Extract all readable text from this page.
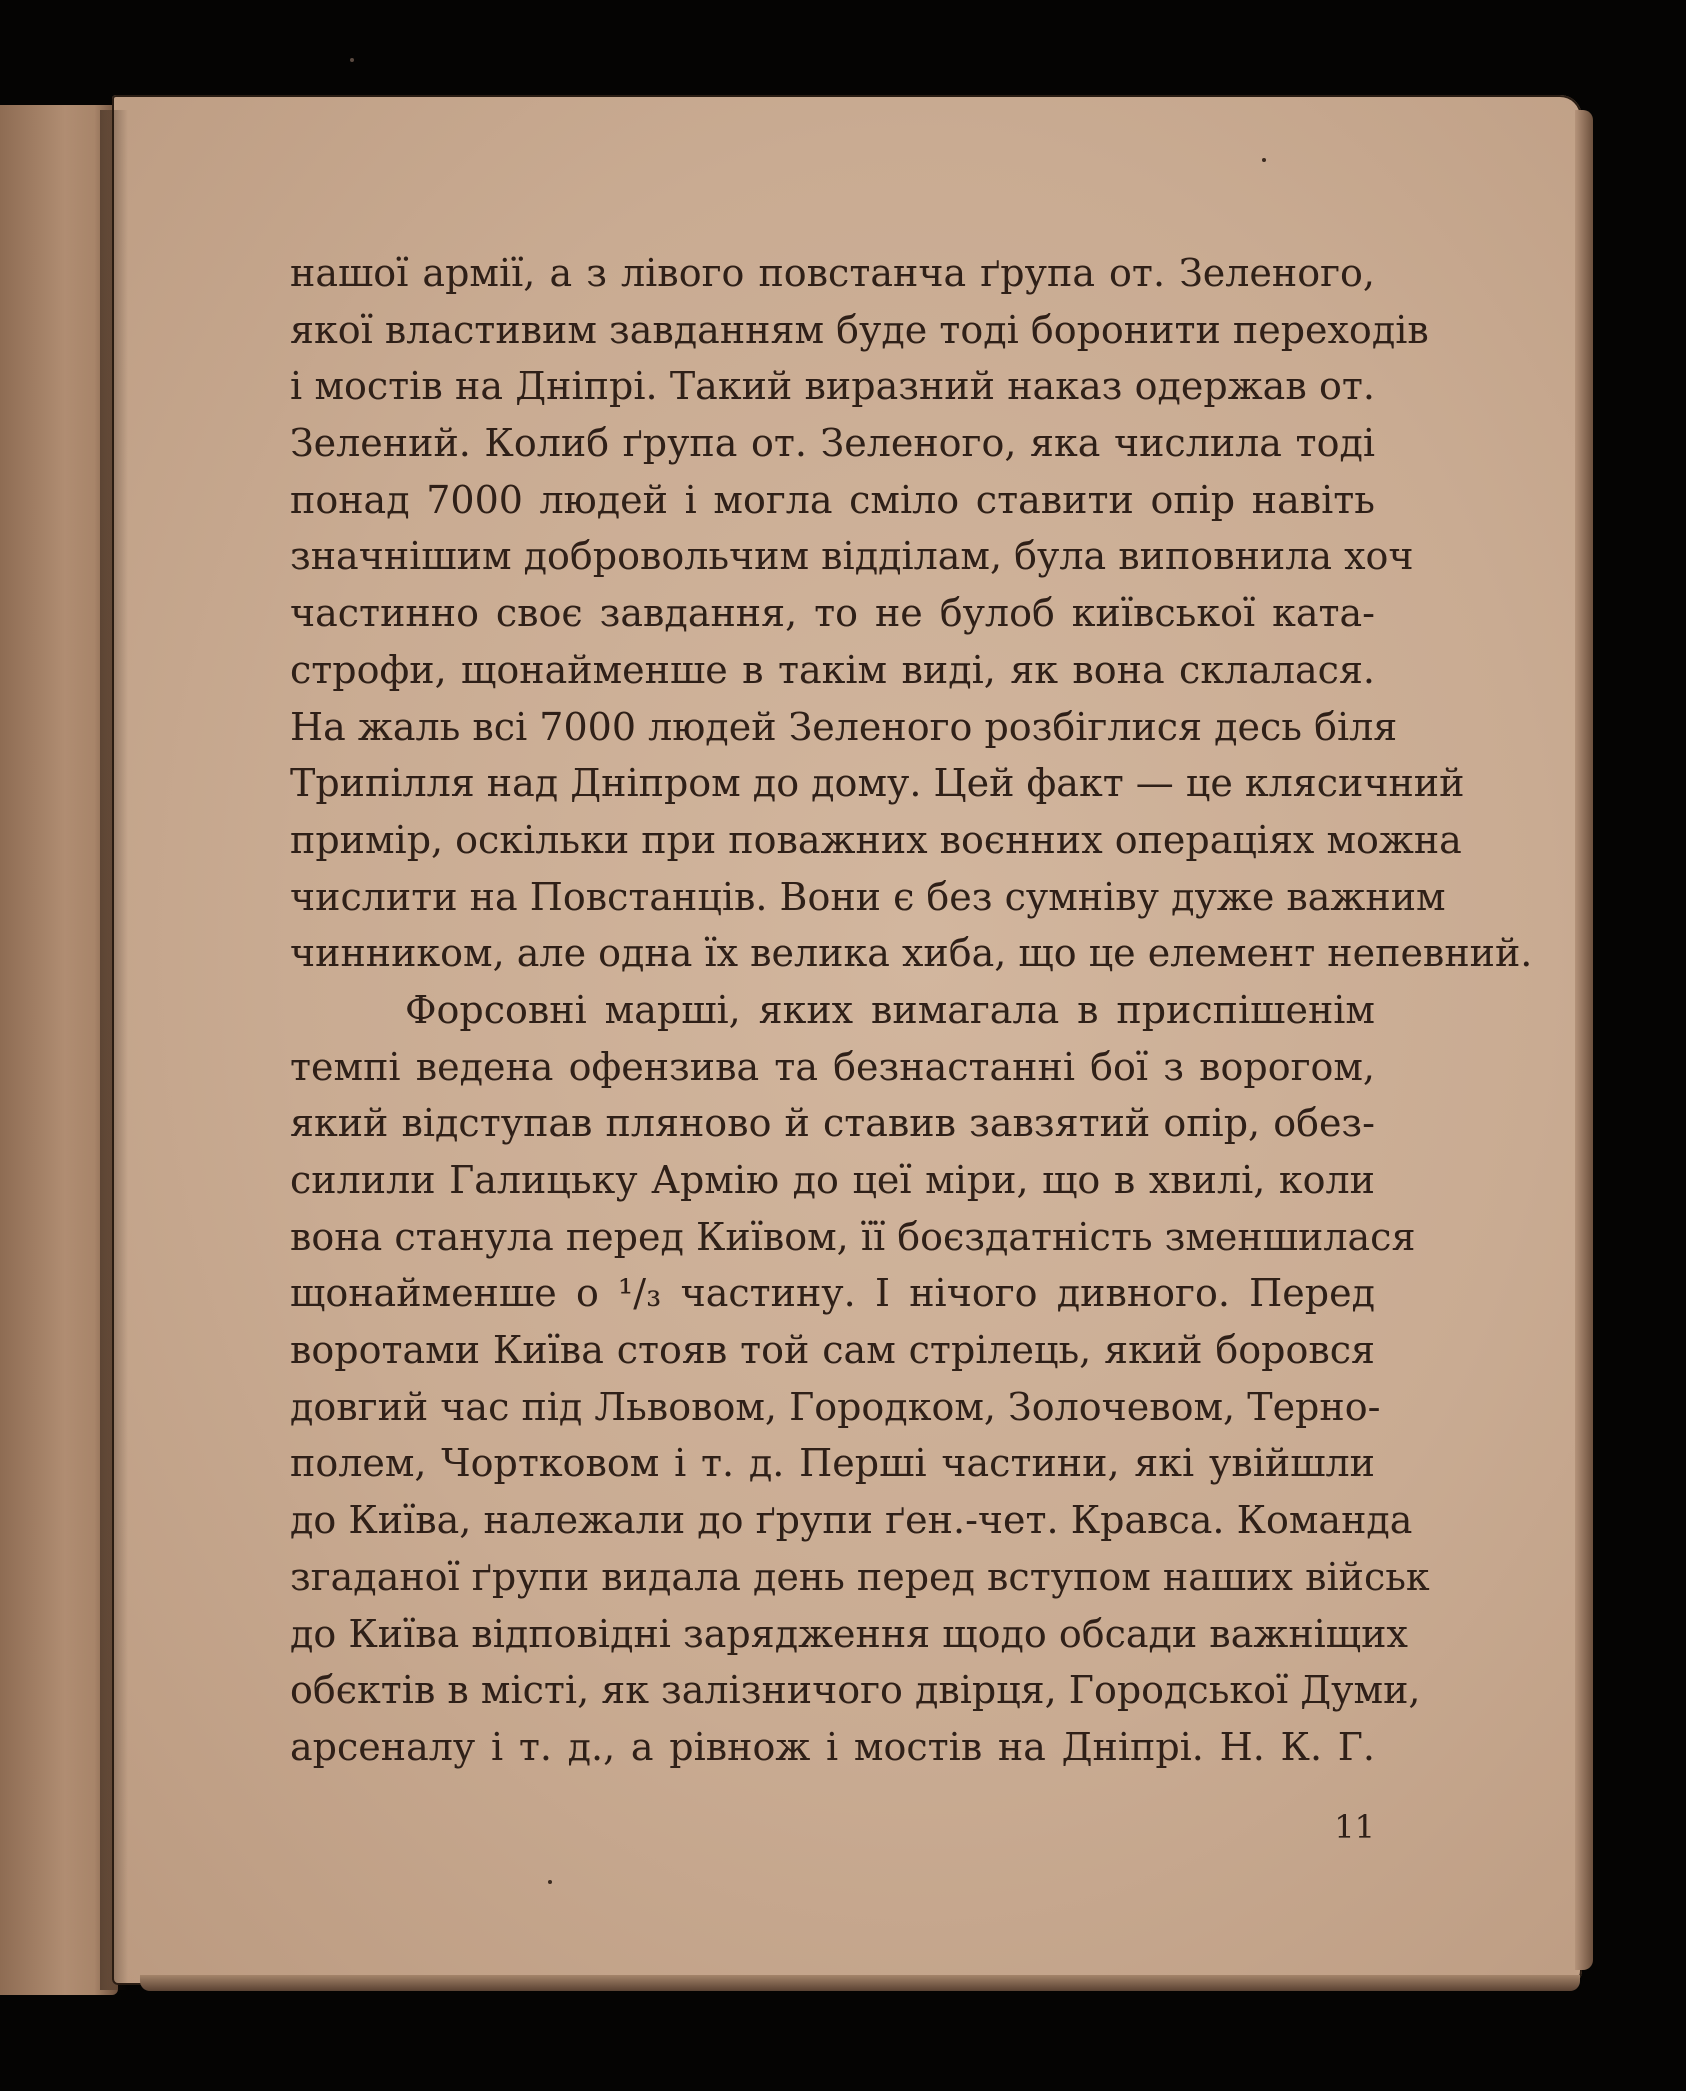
нашої армії, а з лівого повстанча ґрупа от. Зеленого,
якої властивим завданням буде тоді боронити переходів
і мостів на Дніпрі. Такий виразний наказ одержав от.
Зелений. Колиб ґрупа от. Зеленого, яка числила тоді
понад 7000 людей і могла сміло ставити опір навіть
значнішим добровольчим відділам, була виповнила хоч
частинно своє завдання, то не булоб київської ката-
строфи, щонайменше в такім виді, як вона склалася.
На жаль всі 7000 людей Зеленого розбіглися десь біля
Трипілля над Дніпром до дому. Цей факт — це клясичний
примір, оскільки при поважних воєнних операціях можна
числити на Повстанців. Вони є без сумніву дуже важним
чинником, але одна їх велика хиба, що це елемент непевний.
Форсовні марші, яких вимагала в приспішенім
темпі ведена офензива та безнастанні бої з ворогом,
який відступав пляново й ставив завзятий опір, обез-
силили Галицьку Армію до цеї міри, що в хвилі, коли
вона станула перед Київом, її боєздатність зменшилася
щонайменше о ¹/₃ частину. І нічого дивного. Перед
воротами Київа стояв той сам стрілець, який боровся
довгий час під Львовом, Городком, Золочевом, Терно-
полем, Чортковом і т. д. Перші частини, які увійшли
до Київа, належали до ґрупи ґен.-чет. Кравса. Команда
згаданої ґрупи видала день перед вступом наших військ
до Київа відповідні зарядження щодо обсади важніщих
обєктів в місті, як залізничого двірця, Городської Думи,
арсеналу і т. д., а рівнож і мостів на Дніпрі. Н. К. Г.
11
